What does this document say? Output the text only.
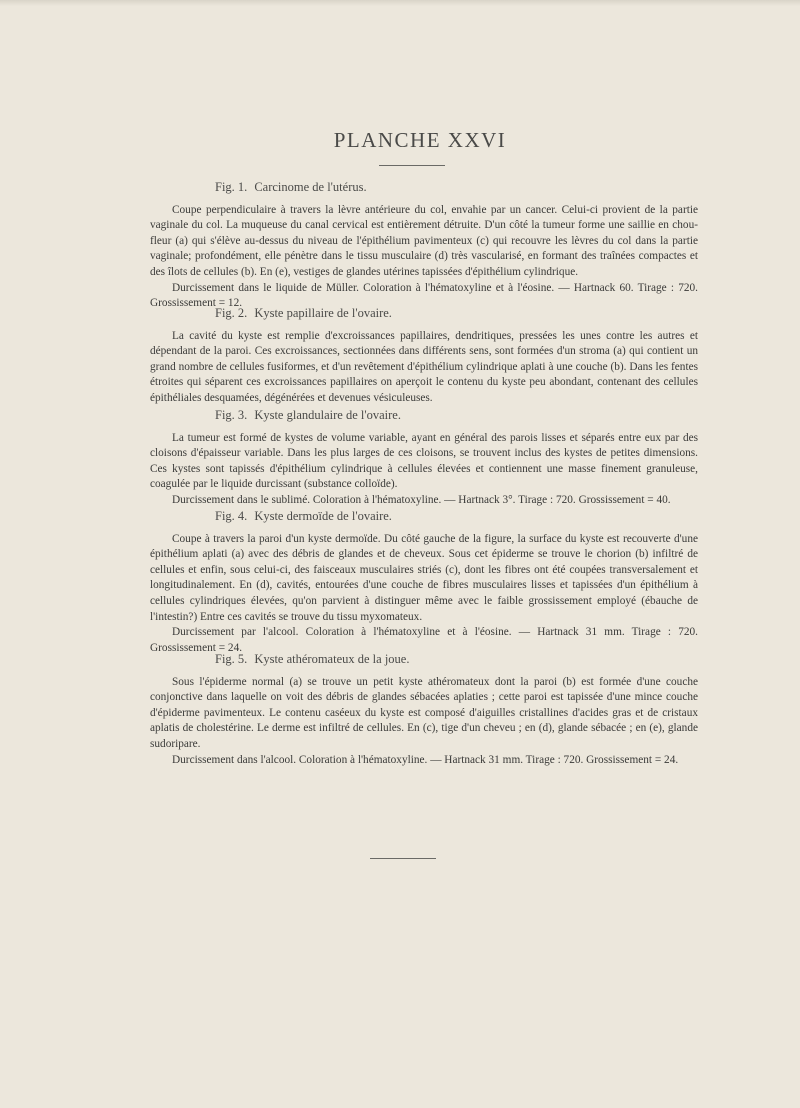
PLANCHE XXVI
Fig. 1. Carcinome de l'utérus.

Coupe perpendiculaire à travers la lèvre antérieure du col, envahie par un cancer. Celui-ci provient de la partie vaginale du col. La muqueuse du canal cervical est entièrement détruite. D'un côté la tumeur forme une saillie en chou-fleur (a) qui s'élève au-dessus du niveau de l'épithélium pavimenteux (c) qui recouvre les lèvres du col dans la partie vaginale; profondément, elle pénètre dans le tissu musculaire (d) très vascularisé, en formant des traînées compactes et des îlots de cellules (b). En (e), vestiges de glandes utérines tapissées d'épithélium cylindrique.

Durcissement dans le liquide de Müller. Coloration à l'hématoxyline et à l'éosine. — Hartnack 60. Tirage : 720. Grossissement = 12.

Fig. 2. Kyste papillaire de l'ovaire.

La cavité du kyste est remplie d'excroissances papillaires, dendritiques, pressées les unes contre les autres et dépendant de la paroi. Ces excroissances, sectionnées dans différents sens, sont formées d'un stroma (a) qui contient un grand nombre de cellules fusiformes, et d'un revêtement d'épithélium cylindrique aplati à une couche (b). Dans les fentes étroites qui séparent ces excroissances papillaires on aperçoit le contenu du kyste peu abondant, contenant des cellules épithéliales desquamées, dégénérées et devenues vésiculeuses.

Fig. 3. Kyste glandulaire de l'ovaire.

La tumeur est formé de kystes de volume variable, ayant en général des parois lisses et séparés entre eux par des cloisons d'épaisseur variable. Dans les plus larges de ces cloisons, se trouvent inclus des kystes de petites dimensions. Ces kystes sont tapissés d'épithélium cylindrique à cellules élevées et contiennent une masse finement granuleuse, coagulée par le liquide durcissant (substance colloïde).

Durcissement dans le sublimé. Coloration à l'hématoxyline. — Hartnack 3°. Tirage : 720. Grossissement = 40.

Fig. 4. Kyste dermoïde de l'ovaire.

Coupe à travers la paroi d'un kyste dermoïde. Du côté gauche de la figure, la surface du kyste est recouverte d'une épithélium aplati (a) avec des débris de glandes et de cheveux. Sous cet épiderme se trouve le chorion (b) infiltré de cellules et enfin, sous celui-ci, des faisceaux musculaires striés (c), dont les fibres ont été coupées transversalement et longitudinalement. En (d), cavités, entourées d'une couche de fibres musculaires lisses et tapissées d'un épithélium à cellules cylindriques élevées, qu'on parvient à distinguer même avec le faible grossissement employé (ébauche de l'intestin?) Entre ces cavités se trouve du tissu myxomateux.

Durcissement par l'alcool. Coloration à l'hématoxyline et à l'éosine. — Hartnack 31 mm. Tirage : 720. Grossissement = 24.

Fig. 5. Kyste athéromateux de la joue.

Sous l'épiderme normal (a) se trouve un petit kyste athéromateux dont la paroi (b) est formée d'une couche conjonctive dans laquelle on voit des débris de glandes sébacées aplaties ; cette paroi est tapissée d'une mince couche d'épiderme pavimenteux. Le contenu caséeux du kyste est composé d'aiguilles cristallines d'acides gras et de cristaux aplatis de cholestérine. Le derme est infiltré de cellules. En (c), tige d'un cheveu ; en (d), glande sébacée ; en (e), glande sudoripare.

Durcissement dans l'alcool. Coloration à l'hématoxyline. — Hartnack 31 mm. Tirage : 720. Grossissement = 24.
